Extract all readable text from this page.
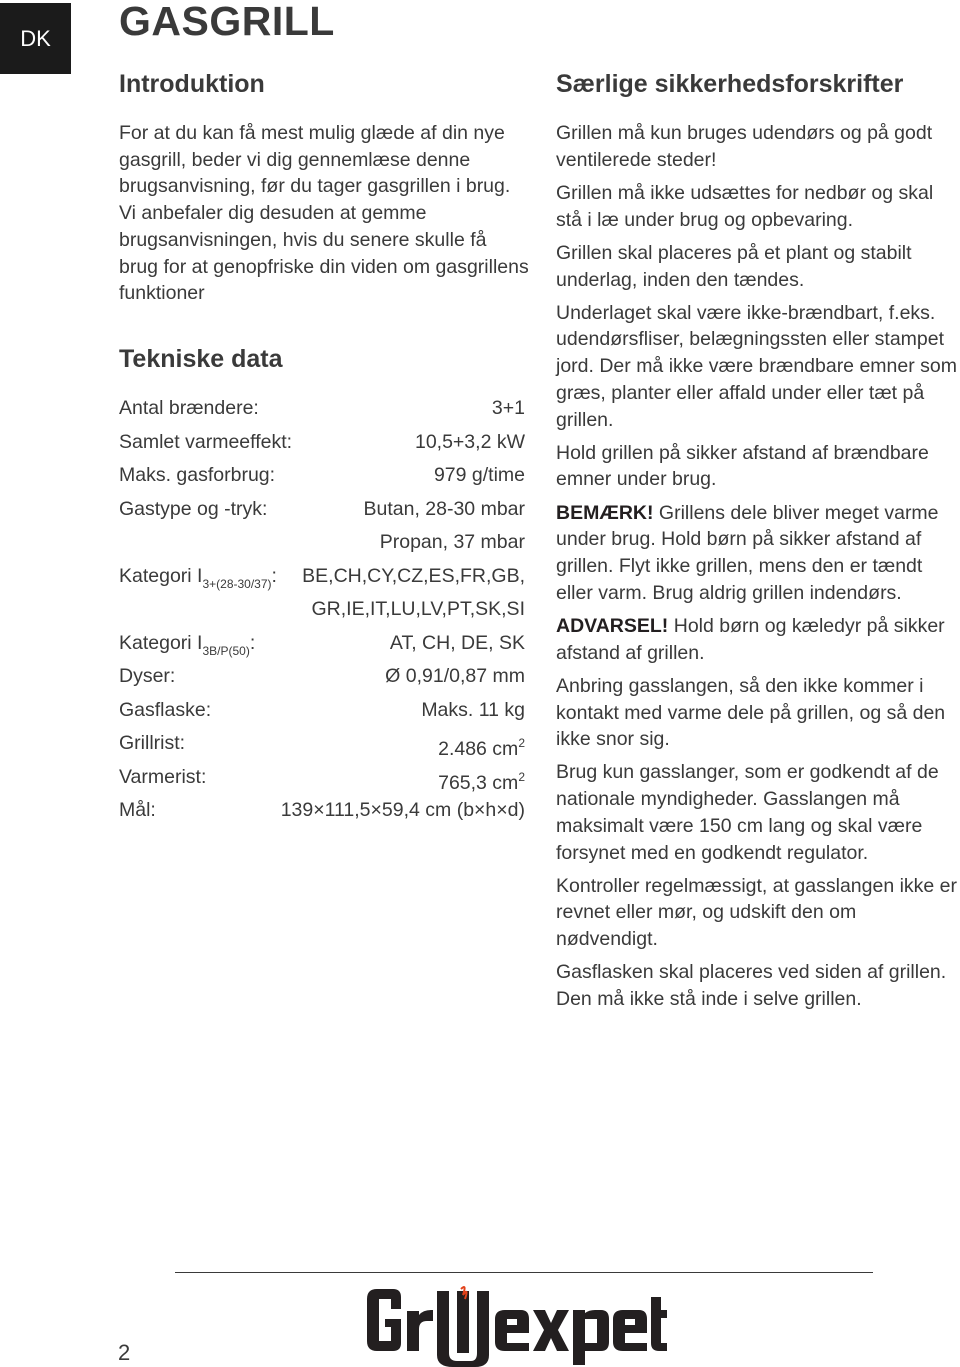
DK	GASGRILL
Introduktion

For at du kan få mest mulig glæde af din nye gasgrill, beder vi dig gennemlæse denne brugsanvisning, før du tager gasgrillen i brug. Vi anbefaler dig desuden at gemme brugsanvisningen, hvis du senere skulle få brug for at genopfriske din viden om gasgrillens funktioner

Tekniske data
Antal brændere:	3+1
Samlet varmeeffekt:	10,5+3,2 kW
Maks. gasforbrug:	979 g/time
Gastype og -tryk:	Butan, 28-30 mbar
Propan, 37 mbar
Kategori $I_{3+(28-30/37)}$: BE,CH,CY,CZ,ES,FR,GB,
GR,IE,IT,LU,LV,PT,SK,SI
Kategori $I_{3B/P(50)}$:	AT, CH, DE, SK
Dyser:	Ø 0,91/0,87 mm
Gasflaske:	Maks. 11 kg
Grillrist:	2.486 $cm^2$
Varmerist:	765,3 $cm^2$
Mål:	139×111,5×59,4 cm (b×h×d)
Særlige sikkerhedsforskrifter

Grillen må kun bruges udendørs og på godt ventilerede steder!

Grillen må ikke udsættes for nedbør og skal stå i læ under brug og opbevaring.

Grillen skal placeres på et plant og stabilt underlag, inden den tændes.

Underlaget skal være ikke-brændbart, f.eks. udendørsfliser, belægningssten eller stampet jord. Der må ikke være brændbare emner som græs, planter eller affald under eller tæt på grillen.

Hold grillen på sikker afstand af brændbare emner under brug.

BEMÆRK! Grillens dele bliver meget varme under brug. Hold børn på sikker afstand af grillen. Flyt ikke grillen, mens den er tændt eller varm. Brug aldrig grillen indendørs.

ADVARSEL! Hold børn og kæledyr på sikker afstand af grillen.

Anbring gasslangen, så den ikke kommer i kontakt med varme dele på grillen, og så den ikke snor sig.

Brug kun gasslanger, som er godkendt af de nationale myndigheder. Gasslangen må maksimalt være 150 cm lang og skal være forsynet med en godkendt regulator.

Kontroller regelmæssigt, at gasslangen ikke er revnet eller mør, og udskift den om nødvendigt.

Gasflasken skal placeres ved siden af grillen. Den må ikke stå inde i selve grillen.

2
